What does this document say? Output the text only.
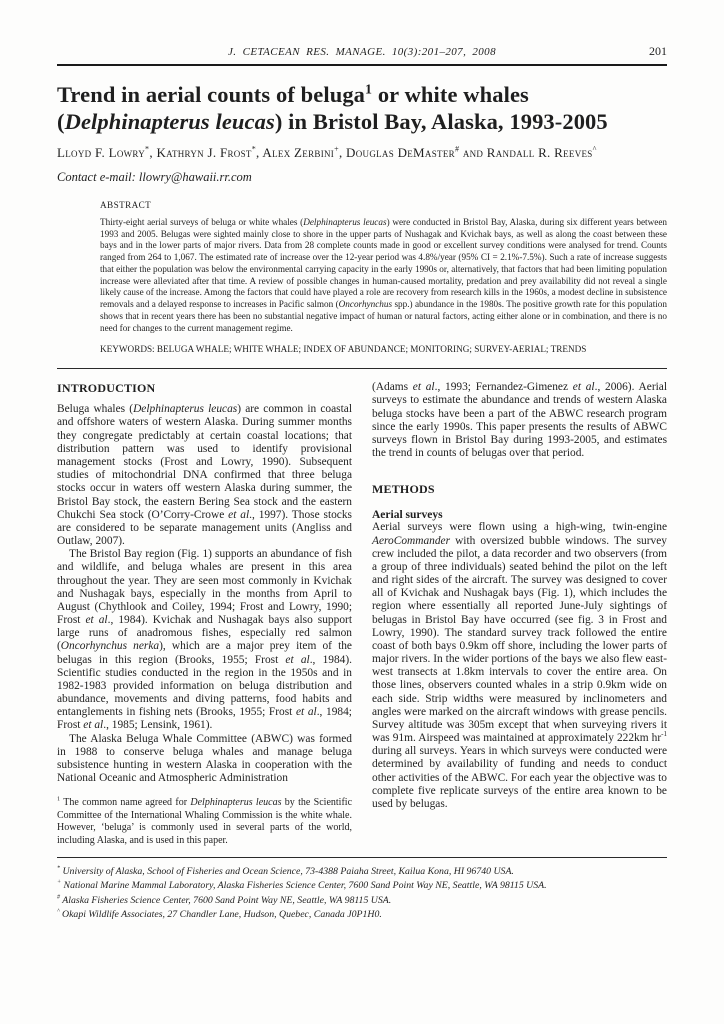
J. CETACEAN RES. MANAGE. 10(3):201–207, 2008	201
Trend in aerial counts of beluga$^1$ or white whales (Delphinapterus leucas) in Bristol Bay, Alaska, 1993-2005
Lloyd F. Lowry*, Kathryn J. Frost*, Alex Zerbini+, Douglas DeMaster# and Randall R. Reeves^
Contact e-mail: llowry@hawaii.rr.com
ABSTRACT

Thirty-eight aerial surveys of beluga or white whales (Delphinapterus leucas) were conducted in Bristol Bay, Alaska, during six different years between 1993 and 2005. Belugas were sighted mainly close to shore in the upper parts of Nushagak and Kvichak bays, as well as along the coast between these bays and in the lower parts of major rivers. Data from 28 complete counts made in good or excellent survey conditions were analysed for trend. Counts ranged from 264 to 1,067. The estimated rate of increase over the 12-year period was 4.8%/year (95% CI = 2.1%-7.5%). Such a rate of increase suggests that either the population was below the environmental carrying capacity in the early 1990s or, alternatively, that factors that had been limiting population increase were alleviated after that time. A review of possible changes in human-caused mortality, predation and prey availability did not reveal a single likely cause of the increase. Among the factors that could have played a role are recovery from research kills in the 1960s, a modest decline in subsistence removals and a delayed response to increases in Pacific salmon (Oncorhynchus spp.) abundance in the 1980s. The positive growth rate for this population shows that in recent years there has been no substantial negative impact of human or natural factors, acting either alone or in combination, and there is no need for changes to the current management regime.

KEYWORDS: BELUGA WHALE; WHITE WHALE; INDEX OF ABUNDANCE; MONITORING; SURVEY-AERIAL; TRENDS

INTRODUCTION

Beluga whales (Delphinapterus leucas) are common in coastal and offshore waters of western Alaska. During summer months they congregate predictably at certain coastal locations; that distribution pattern was used to identify provisional management stocks (Frost and Lowry, 1990). Subsequent studies of mitochondrial DNA confirmed that three beluga stocks occur in waters off western Alaska during summer, the Bristol Bay stock, the eastern Bering Sea stock and the eastern Chukchi Sea stock (O’Corry-Crowe et al., 1997). Those stocks are considered to be separate management units (Angliss and Outlaw, 2007).

The Bristol Bay region (Fig. 1) supports an abundance of fish and wildlife, and beluga whales are present in this area throughout the year. They are seen most commonly in Kvichak and Nushagak bays, especially in the months from April to August (Chythlook and Coiley, 1994; Frost and Lowry, 1990; Frost et al., 1984). Kvichak and Nushagak bays also support large runs of anadromous fishes, especially red salmon (Oncorhynchus nerka), which are a major prey item of the belugas in this region (Brooks, 1955; Frost et al., 1984). Scientific studies conducted in the region in the 1950s and in 1982-1983 provided information on beluga distribution and abundance, movements and diving patterns, food habits and entanglements in fishing nets (Brooks, 1955; Frost et al., 1984; Frost et al., 1985; Lensink, 1961).

The Alaska Beluga Whale Committee (ABWC) was formed in 1988 to conserve beluga whales and manage beluga subsistence hunting in western Alaska in cooperation with the National Oceanic and Atmospheric Administration

$^1$ The common name agreed for Delphinapterus leucas by the Scientific Committee of the International Whaling Commission is the white whale. However, ‘beluga’ is commonly used in several parts of the world, including Alaska, and is used in this paper.

(Adams et al., 1993; Fernandez-Gimenez et al., 2006). Aerial surveys to estimate the abundance and trends of western Alaska beluga stocks have been a part of the ABWC research program since the early 1990s. This paper presents the results of ABWC surveys flown in Bristol Bay during 1993-2005, and estimates the trend in counts of belugas over that period.

METHODS
Aerial surveys

Aerial surveys were flown using a high-wing, twin-engine AeroCommander with oversized bubble windows. The survey crew included the pilot, a data recorder and two observers (from a group of three individuals) seated behind the pilot on the left and right sides of the aircraft. The survey was designed to cover all of Kvichak and Nushagak bays (Fig. 1), which includes the region where essentially all reported June-July sightings of belugas in Bristol Bay have occurred (see fig. 3 in Frost and Lowry, 1990). The standard survey track followed the entire coast of both bays 0.9km off shore, including the lower parts of major rivers. In the wider portions of the bays we also flew east-west transects at 1.8km intervals to cover the entire area. On those lines, observers counted whales in a strip 0.9km wide on each side. Strip widths were measured by inclinometers and angles were marked on the aircraft windows with grease pencils. Survey altitude was 305m except that when surveying rivers it was 91m. Airspeed was maintained at approximately 222km $hr^{-1}$ during all surveys. Years in which surveys were conducted were determined by availability of funding and needs to conduct other activities of the ABWC. For each year the objective was to complete five replicate surveys of the entire area known to be used by belugas.

* University of Alaska, School of Fisheries and Ocean Science, 73-4388 Paiaha Street, Kailua Kona, HI 96740 USA.

+ National Marine Mammal Laboratory, Alaska Fisheries Science Center, 7600 Sand Point Way NE, Seattle, WA 98115 USA.

# Alaska Fisheries Science Center, 7600 Sand Point Way NE, Seattle, WA 98115 USA.

^ Okapi Wildlife Associates, 27 Chandler Lane, Hudson, Quebec, Canada J0P1H0.
